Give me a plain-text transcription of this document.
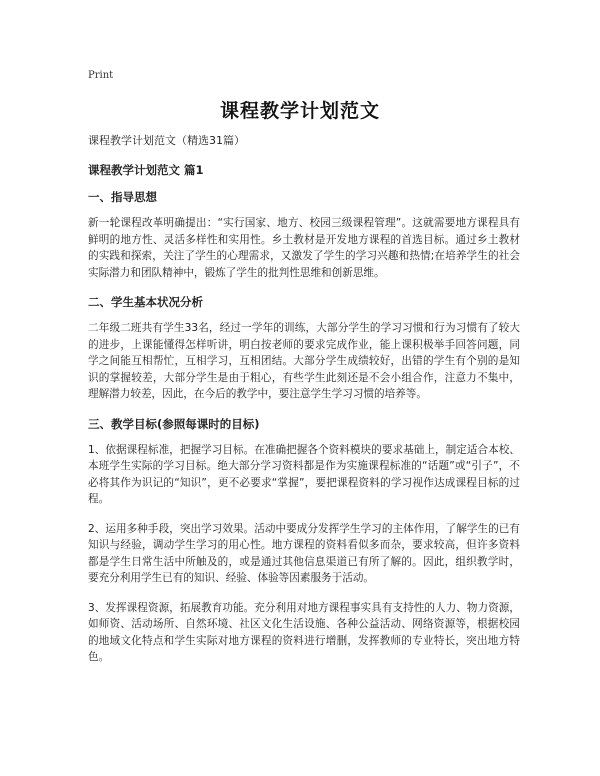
Print
课程教学计划范文
课程教学计划范文（精选31篇）
课程教学计划范文 篇1
一、指导思想
新一轮课程改革明确提出：“实行国家、地方、校园三级课程管理”。这就需要地方课程具有鲜明的地方性、灵活多样性和实用性。乡土教材是开发地方课程的首选目标。通过乡土教材的实践和探索，关注了学生的心理需求，又激发了学生的学习兴趣和热情;在培养学生的社会实际潜力和团队精神中，锻炼了学生的批判性思维和创新思维。
二、学生基本状况分析
二年级二班共有学生33名，经过一学年的训练，大部分学生的学习习惯和行为习惯有了较大的进步，上课能懂得怎样听讲，明白按老师的要求完成作业，能上课积极举手回答问题，同学之间能互相帮忙，互相学习，互相团结。大部分学生成绩较好，出错的学生有个别的是知识的掌握较差，大部分学生是由于粗心，有些学生此刻还是不会小组合作，注意力不集中，理解潜力较差，因此，在今后的教学中，要注意学生学习习惯的培养等。
三、教学目标(参照每课时的目标)
1、依据课程标准，把握学习目标。在准确把握各个资料模块的要求基础上，制定适合本校、本班学生实际的学习目标。绝大部分学习资料都是作为实施课程标准的“话题”或“引子”，不必将其作为识记的“知识”，更不必要求“掌握”，要把课程资料的学习视作达成课程目标的过程。
2、运用多种手段，突出学习效果。活动中要成分发挥学生学习的主体作用，了解学生的已有知识与经验，调动学生学习的用心性。地方课程的资料看似多而杂，要求较高，但许多资料都是学生日常生活中所触及的，或是通过其他信息渠道已有所了解的。因此，组织教学时，要充分利用学生已有的知识、经验、体验等因素服务于活动。
3、发挥课程资源，拓展教育功能。充分利用对地方课程事实具有支持性的人力、物力资源，如师资、活动场所、自然环境、社区文化生活设施、各种公益活动、网络资源等，根据校园的地域文化特点和学生实际对地方课程的资料进行增删，发挥教师的专业特长，突出地方特色。
